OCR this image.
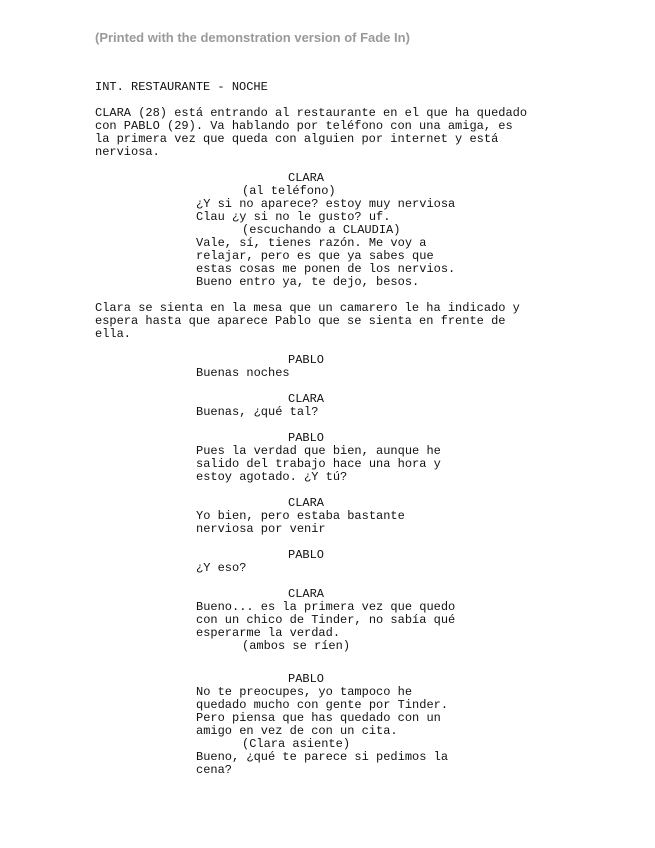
(Printed with the demonstration version of Fade In)
INT. RESTAURANTE - NOCHE
CLARA (28) está entrando al restaurante en el que ha quedado
con PABLO (29). Va hablando por teléfono con una amiga, es
la primera vez que queda con alguien por internet y está
nerviosa.
CLARA
(al teléfono)
¿Y si no aparece? estoy muy nerviosa
Clau ¿y si no le gusto? uf.
(escuchando a CLAUDIA)
Vale, sí, tienes razón. Me voy a
relajar, pero es que ya sabes que
estas cosas me ponen de los nervios.
Bueno entro ya, te dejo, besos.
Clara se sienta en la mesa que un camarero le ha indicado y
espera hasta que aparece Pablo que se sienta en frente de
ella.
PABLO
Buenas noches
CLARA
Buenas, ¿qué tal?
PABLO
Pues la verdad que bien, aunque he
salido del trabajo hace una hora y
estoy agotado. ¿Y tú?
CLARA
Yo bien, pero estaba bastante
nerviosa por venir
PABLO
¿Y eso?
CLARA
Bueno... es la primera vez que quedo
con un chico de Tinder, no sabía qué
esperarme la verdad.
(ambos se ríen)
PABLO
No te preocupes, yo tampoco he
quedado mucho con gente por Tinder.
Pero piensa que has quedado con un
amigo en vez de con un cita.
(Clara asiente)
Bueno, ¿qué te parece si pedimos la
cena?
